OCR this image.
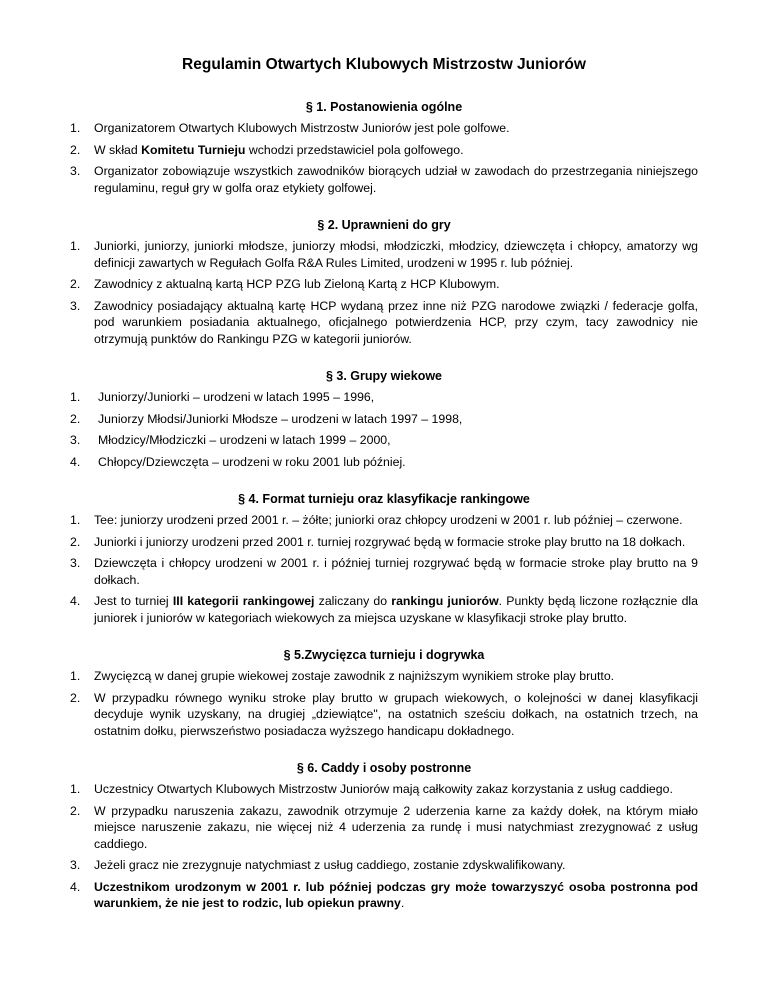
Regulamin Otwartych Klubowych Mistrzostw Juniorów
§ 1. Postanowienia ogólne
1. Organizatorem Otwartych Klubowych Mistrzostw Juniorów jest pole golfowe.
2. W skład Komitetu Turnieju wchodzi przedstawiciel pola golfowego.
3. Organizator zobowiązuje wszystkich zawodników biorących udział w zawodach do przestrzegania niniejszego regulaminu, reguł gry w golfa oraz etykiety golfowej.
§ 2. Uprawnieni do gry
1. Juniorki, juniorzy, juniorki młodsze, juniorzy młodsi, młodziczki, młodzicy, dziewczęta i chłopcy, amatorzy wg definicji zawartych w Regułach Golfa R&A Rules Limited, urodzeni w 1995 r. lub później.
2. Zawodnicy z aktualną kartą HCP PZG lub Zieloną Kartą z HCP Klubowym.
3. Zawodnicy posiadający aktualną kartę HCP wydaną przez inne niż PZG narodowe związki / federacje golfa, pod warunkiem posiadania aktualnego, oficjalnego potwierdzenia HCP, przy czym, tacy zawodnicy nie otrzymują punktów do Rankingu PZG w kategorii juniorów.
§ 3. Grupy wiekowe
1. Juniorzy/Juniorki – urodzeni w latach 1995 – 1996,
2. Juniorzy Młodsi/Juniorki Młodsze – urodzeni w latach 1997 – 1998,
3. Młodzicy/Młodziczki – urodzeni w latach 1999 – 2000,
4. Chłopcy/Dziewczęta – urodzeni w roku 2001 lub później.
§ 4. Format turnieju oraz klasyfikacje rankingowe
1. Tee: juniorzy urodzeni przed 2001 r. – żółte; juniorki oraz chłopcy urodzeni w 2001 r. lub później – czerwone.
2. Juniorki i juniorzy urodzeni przed 2001 r. turniej rozgrywać będą w formacie stroke play brutto na 18 dołkach.
3. Dziewczęta i chłopcy urodzeni w 2001 r. i później turniej rozgrywać będą w formacie stroke play brutto na 9 dołkach.
4. Jest to turniej III kategorii rankingowej zaliczany do rankingu juniorów. Punkty będą liczone rozłącznie dla juniorek i juniorów w kategoriach wiekowych za miejsca uzyskane w klasyfikacji stroke play brutto.
§ 5.Zwycięzca turnieju i dogrywka
1. Zwycięzcą w danej grupie wiekowej zostaje zawodnik z najniższym wynikiem stroke play brutto.
2. W przypadku równego wyniku stroke play brutto w grupach wiekowych, o kolejności w danej klasyfikacji decyduje wynik uzyskany, na drugiej „dziewiątce", na ostatnich sześciu dołkach, na ostatnich trzech, na ostatnim dołku, pierwszeństwo posiadacza wyższego handicapu dokładnego.
§ 6. Caddy i osoby postronne
1. Uczestnicy Otwartych Klubowych Mistrzostw Juniorów mają całkowity zakaz korzystania z usług caddiego.
2. W przypadku naruszenia zakazu, zawodnik otrzymuje 2 uderzenia karne za każdy dołek, na którym miało miejsce naruszenie zakazu, nie więcej niż 4 uderzenia za rundę i musi natychmiast zrezygnować z usług caddiego.
3. Jeżeli gracz nie zrezygnuje natychmiast z usług caddiego, zostanie zdyskwalifikowany.
4. Uczestnikom urodzonym w 2001 r. lub później podczas gry może towarzyszyć osoba postronna pod warunkiem, że nie jest to rodzic, lub opiekun prawny.
